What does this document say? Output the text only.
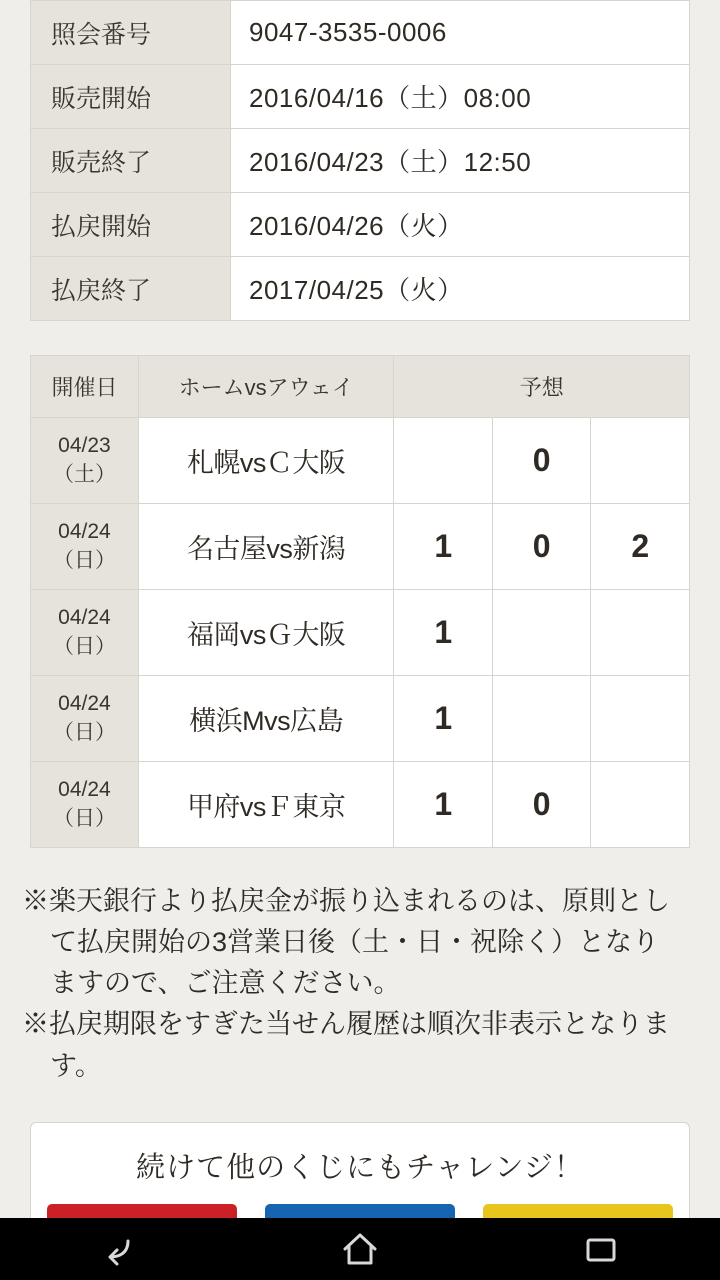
照会番号	9047-3535-0006
販売開始	2016/04/16（土）08:00
販売終了	2016/04/23（土）12:50
払戻開始	2016/04/26（火）
払戻終了	2017/04/25（火）
開催日	ホームvsアウェイ	予想		

04/23
（土）	札幌vsＣ大阪		0	

04/24
（日）	名古屋vs新潟	1	0	2

04/24
（日）	福岡vsＧ大阪	1		

04/24
（日）	横浜Mvs広島	1		

04/24
（日）	甲府vsＦ東京	1	0	
※楽天銀行より払戻金が振り込まれるのは、原則とし
て払戻開始の3営業日後（土・日・祝除く）となり
ますので、ご注意ください。
※払戻期限をすぎた当せん履歴は順次非表示となりま
す。
続けて他のくじにもチャレンジ！
